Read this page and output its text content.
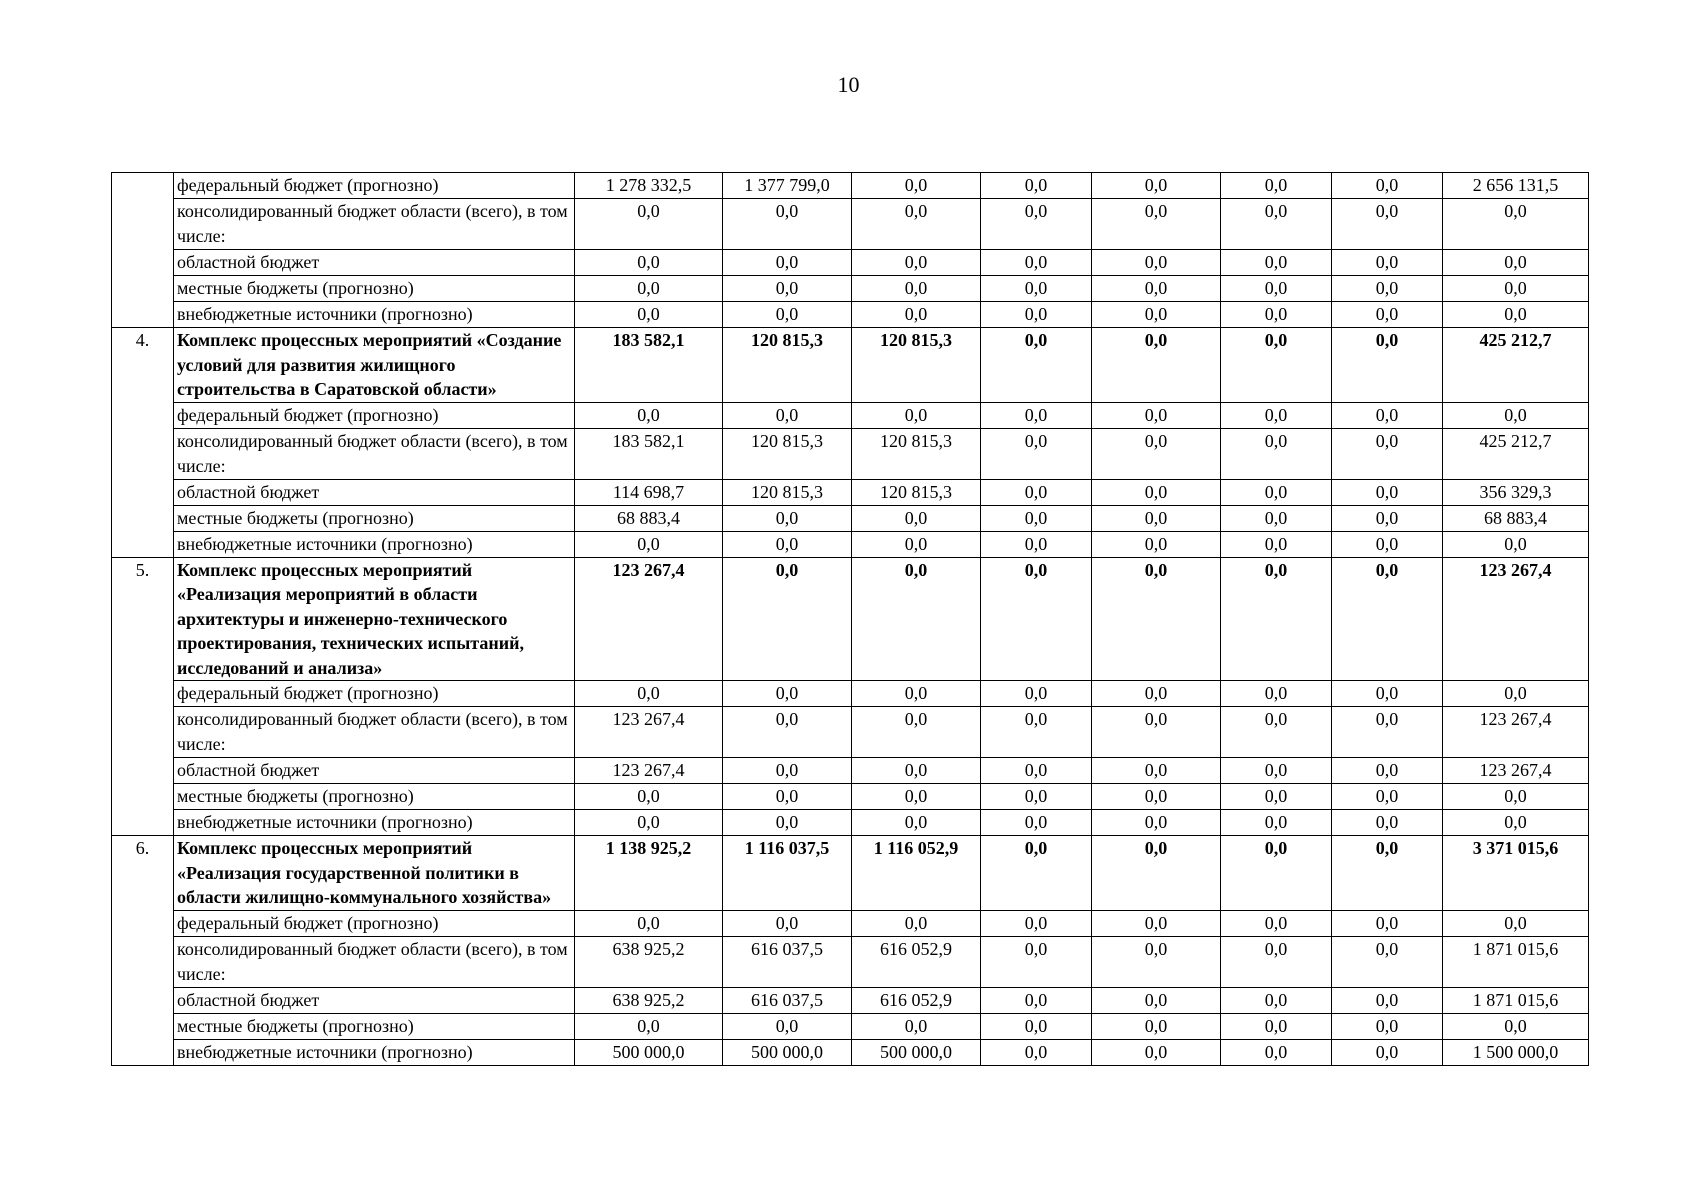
10
	федеральный бюджет (прогнозно)	1 278 332,5	1 377 799,0	0,0	0,0	0,0	0,0	0,0	2 656 131,5
	консолидированный бюджет области (всего), в том числе:	0,0	0,0	0,0	0,0	0,0	0,0	0,0	0,0
	областной бюджет	0,0	0,0	0,0	0,0	0,0	0,0	0,0	0,0
	местные бюджеты (прогнозно)	0,0	0,0	0,0	0,0	0,0	0,0	0,0	0,0
	внебюджетные источники (прогнозно)	0,0	0,0	0,0	0,0	0,0	0,0	0,0	0,0
4.	Комплекс процессных мероприятий «Создание условий для развития жилищного строительства в Саратовской области»	183 582,1	120 815,3	120 815,3	0,0	0,0	0,0	0,0	425 212,7
	федеральный бюджет (прогнозно)	0,0	0,0	0,0	0,0	0,0	0,0	0,0	0,0
	консолидированный бюджет области (всего), в том числе:	183 582,1	120 815,3	120 815,3	0,0	0,0	0,0	0,0	425 212,7
	областной бюджет	114 698,7	120 815,3	120 815,3	0,0	0,0	0,0	0,0	356 329,3
	местные бюджеты (прогнозно)	68 883,4	0,0	0,0	0,0	0,0	0,0	0,0	68 883,4
	внебюджетные источники (прогнозно)	0,0	0,0	0,0	0,0	0,0	0,0	0,0	0,0
5.	Комплекс процессных мероприятий «Реализация мероприятий в области архитектуры и инженерно-технического проектирования, технических испытаний, исследований и анализа»	123 267,4	0,0	0,0	0,0	0,0	0,0	0,0	123 267,4
	федеральный бюджет (прогнозно)	0,0	0,0	0,0	0,0	0,0	0,0	0,0	0,0
	консолидированный бюджет области (всего), в том числе:	123 267,4	0,0	0,0	0,0	0,0	0,0	0,0	123 267,4
	областной бюджет	123 267,4	0,0	0,0	0,0	0,0	0,0	0,0	123 267,4
	местные бюджеты (прогнозно)	0,0	0,0	0,0	0,0	0,0	0,0	0,0	0,0
	внебюджетные источники (прогнозно)	0,0	0,0	0,0	0,0	0,0	0,0	0,0	0,0
6.	Комплекс процессных мероприятий «Реализация государственной политики в области жилищно-коммунального хозяйства»	1 138 925,2	1 116 037,5	1 116 052,9	0,0	0,0	0,0	0,0	3 371 015,6
	федеральный бюджет (прогнозно)	0,0	0,0	0,0	0,0	0,0	0,0	0,0	0,0
	консолидированный бюджет области (всего), в том числе:	638 925,2	616 037,5	616 052,9	0,0	0,0	0,0	0,0	1 871 015,6
	областной бюджет	638 925,2	616 037,5	616 052,9	0,0	0,0	0,0	0,0	1 871 015,6
	местные бюджеты (прогнозно)	0,0	0,0	0,0	0,0	0,0	0,0	0,0	0,0
	внебюджетные источники (прогнозно)	500 000,0	500 000,0	500 000,0	0,0	0,0	0,0	0,0	1 500 000,0
